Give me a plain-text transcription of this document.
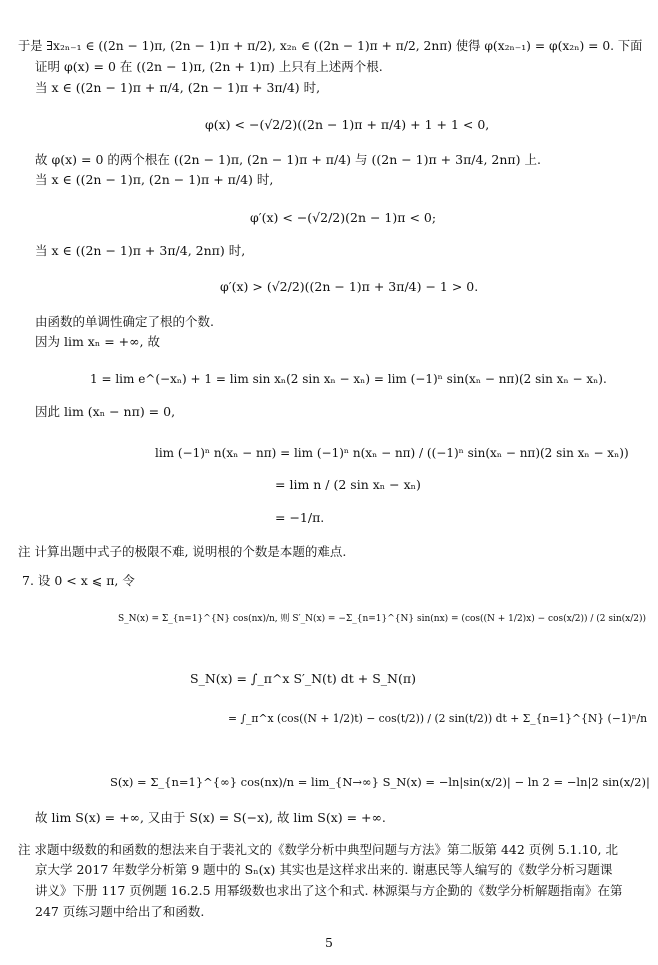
于是 ∃x₂ₙ₋₁ ∈ ((2n − 1)π, (2n − 1)π + π/2), x₂ₙ ∈ ((2n − 1)π + π/2, 2nπ) 使得 φ(x₂ₙ₋₁) = φ(x₂ₙ) = 0. 下面
证明 φ(x) = 0 在 ((2n − 1)π, (2n + 1)π) 上只有上述两个根.
当 x ∈ ((2n − 1)π + π/4, (2n − 1)π + 3π/4) 时,
φ(x) < −(√2/2)((2n − 1)π + π/4) + 1 + 1 < 0,
故 φ(x) = 0 的两个根在 ((2n − 1)π, (2n − 1)π + π/4) 与 ((2n − 1)π + 3π/4, 2nπ) 上.
当 x ∈ ((2n − 1)π, (2n − 1)π + π/4) 时,
φ′(x) < −(√2/2)(2n − 1)π < 0;
当 x ∈ ((2n − 1)π + 3π/4, 2nπ) 时,
φ′(x) > (√2/2)((2n − 1)π + 3π/4) − 1 > 0.
由函数的单调性确定了根的个数.
因为 lim xₙ = +∞, 故
1 = lim e^(−xₙ) + 1 = lim sin xₙ(2 sin xₙ − xₙ) = lim (−1)ⁿ sin(xₙ − nπ)(2 sin xₙ − xₙ).
因此 lim (xₙ − nπ) = 0,
lim (−1)ⁿ n(xₙ − nπ) = lim (−1)ⁿ n(xₙ − nπ) / ((−1)ⁿ sin(xₙ − nπ)(2 sin xₙ − xₙ))
= lim n / (2 sin xₙ − xₙ)
= −1/π.
注 计算出题中式子的极限不难, 说明根的个数是本题的难点.
7. 设 0 < x ⩽ π, 令
S_N(x) = Σ_{n=1}^{N} cos(nx)/n, 则 S′_N(x) = −Σ_{n=1}^{N} sin(nx) = (cos((N + 1/2)x) − cos(x/2)) / (2 sin(x/2))
S_N(x) = ∫_π^x S′_N(t) dt + S_N(π)
= ∫_π^x (cos((N + 1/2)t) − cos(t/2)) / (2 sin(t/2)) dt + Σ_{n=1}^{N} (−1)ⁿ/n
S(x) = Σ_{n=1}^{∞} cos(nx)/n = lim_{N→∞} S_N(x) = −ln|sin(x/2)| − ln 2 = −ln|2 sin(x/2)|
故 lim S(x) = +∞, 又由于 S(x) = S(−x), 故 lim S(x) = +∞.
注 求题中级数的和函数的想法来自于裴礼文的《数学分析中典型问题与方法》第二版第 442 页例 5.1.10, 北
京大学 2017 年数学分析第 9 题中的 Sₙ(x) 其实也是这样求出来的. 谢惠民等人编写的《数学分析习题课
讲义》下册 117 页例题 16.2.5 用幂级数也求出了这个和式. 林源渠与方企勤的《数学分析解题指南》在第
247 页练习题中给出了和函数.
5
